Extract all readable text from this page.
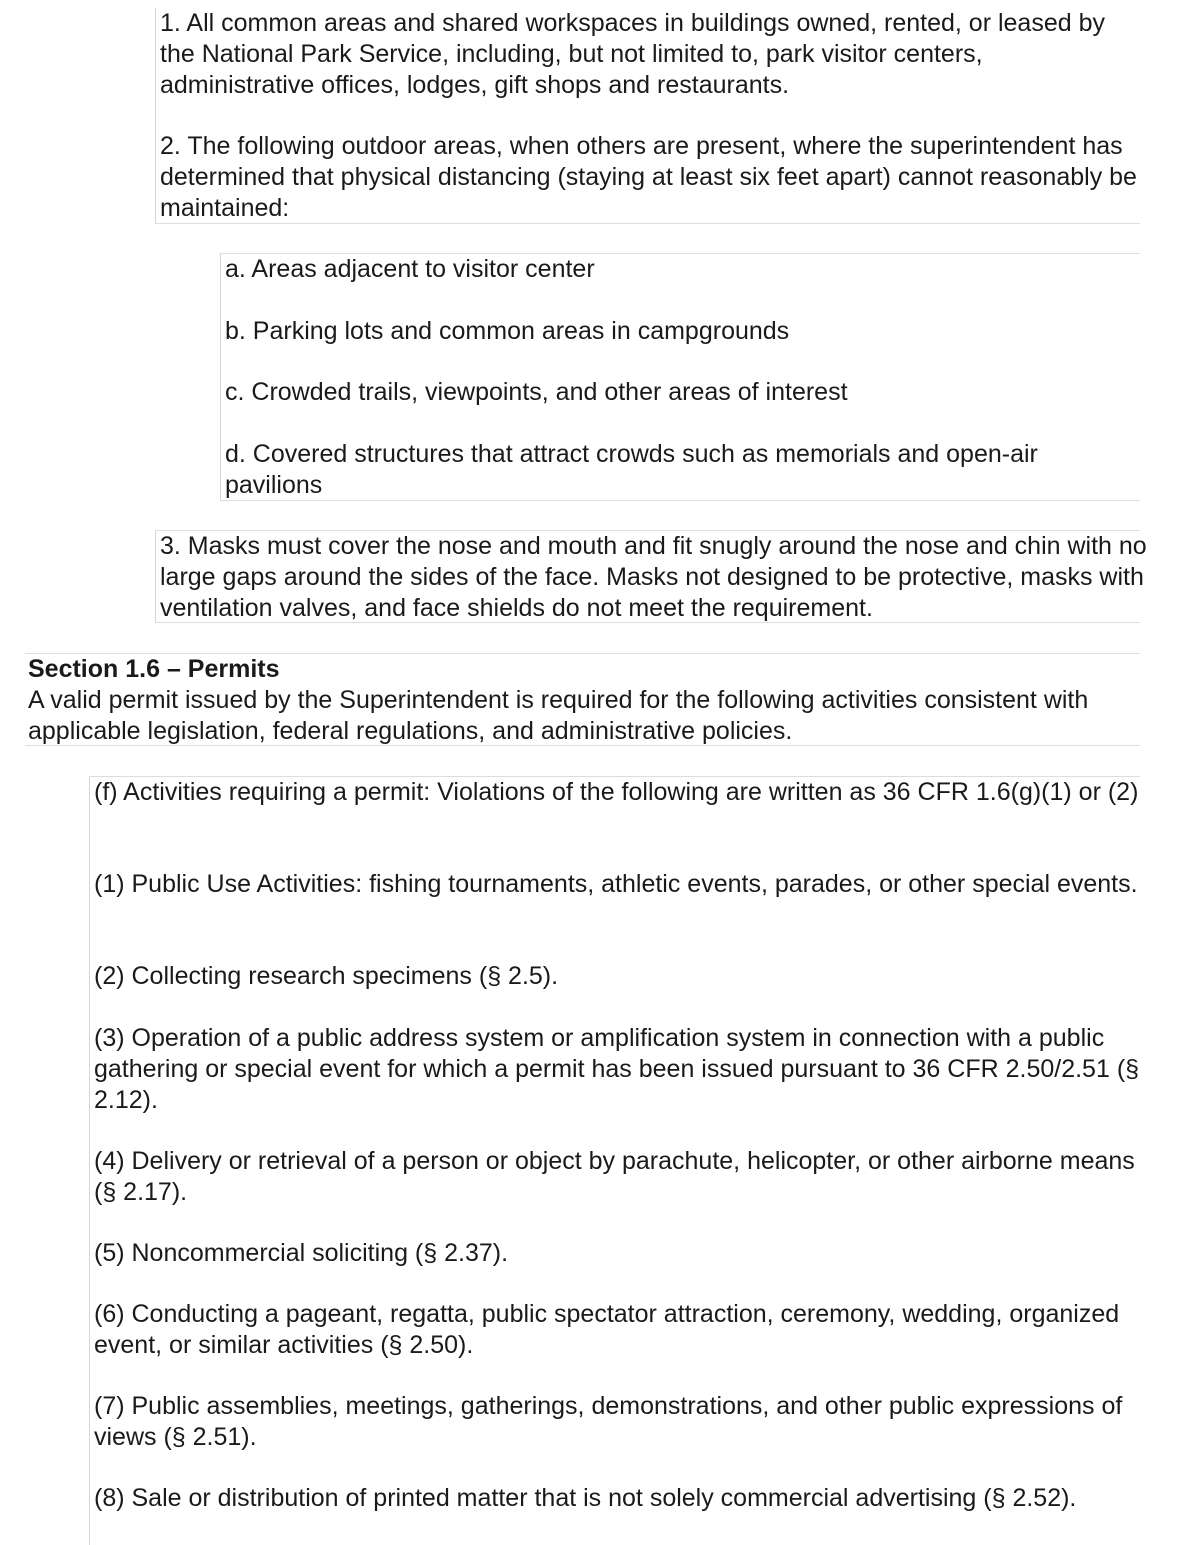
1. All common areas and shared workspaces in buildings owned, rented, or leased by the National Park Service, including, but not limited to, park visitor centers, administrative offices, lodges, gift shops and restaurants.

2. The following outdoor areas, when others are present, where the superintendent has determined that physical distancing (staying at least six feet apart) cannot reasonably be maintained:

a. Areas adjacent to visitor center

b. Parking lots and common areas in campgrounds

c. Crowded trails, viewpoints, and other areas of interest

d. Covered structures that attract crowds such as memorials and open-air pavilions

3. Masks must cover the nose and mouth and fit snugly around the nose and chin with no large gaps around the sides of the face. Masks not designed to be protective, masks with ventilation valves, and face shields do not meet the requirement.

Section 1.6 – Permits

A valid permit issued by the Superintendent is required for the following activities consistent with applicable legislation, federal regulations, and administrative policies.

(f) Activities requiring a permit: Violations of the following are written as 36 CFR 1.6(g)(1) or (2)

(1) Public Use Activities: fishing tournaments, athletic events, parades, or other special events.

(2) Collecting research specimens (§ 2.5).

(3) Operation of a public address system or amplification system in connection with a public gathering or special event for which a permit has been issued pursuant to 36 CFR 2.50/2.51 (§ 2.12).

(4) Delivery or retrieval of a person or object by parachute, helicopter, or other airborne means (§ 2.17).

(5) Noncommercial soliciting (§ 2.37).

(6) Conducting a pageant, regatta, public spectator attraction, ceremony, wedding, organized event, or similar activities (§ 2.50).

(7) Public assemblies, meetings, gatherings, demonstrations, and other public expressions of views (§ 2.51).

(8) Sale or distribution of printed matter that is not solely commercial advertising (§ 2.52).
